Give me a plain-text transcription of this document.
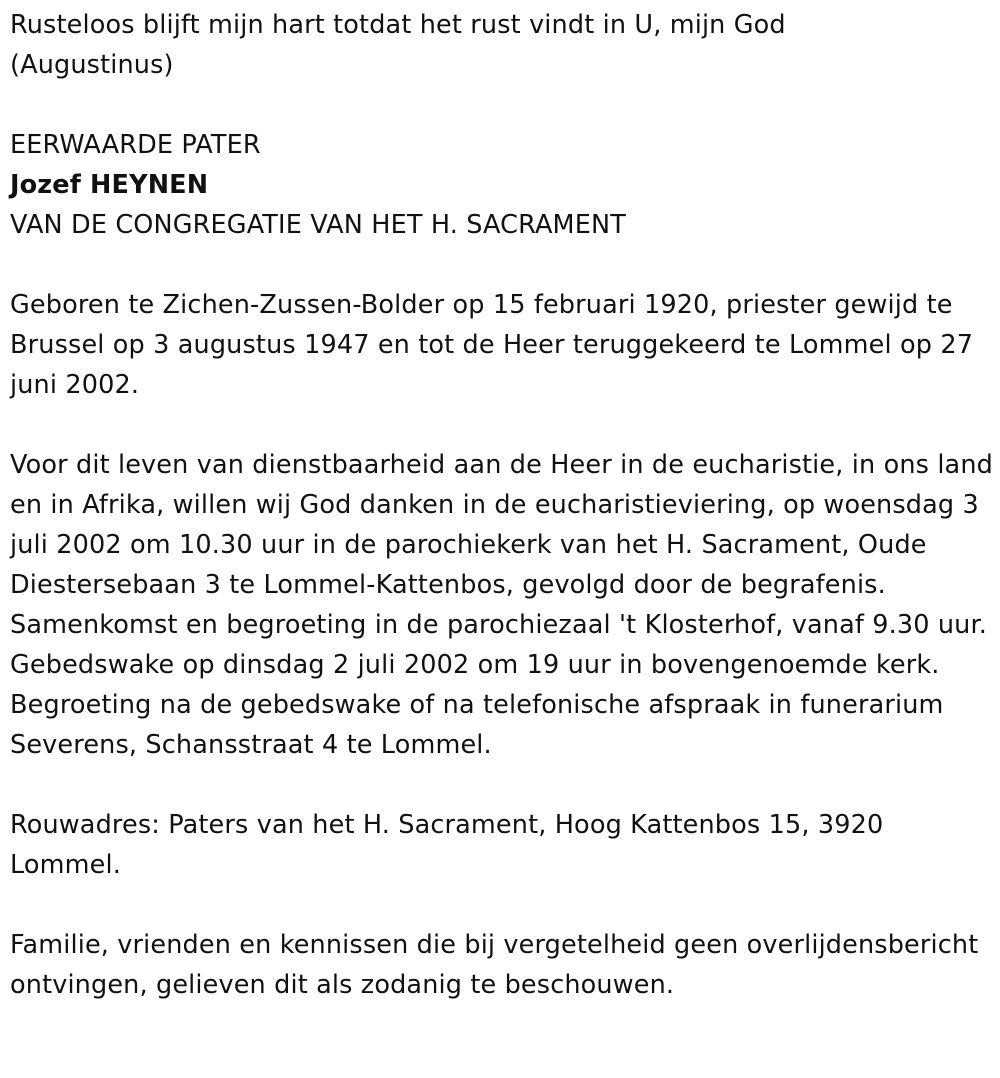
Rusteloos blijft mijn hart totdat het rust vindt in U, mijn God
(Augustinus)

EERWAARDE PATER

Jozef HEYNEN

VAN DE CONGREGATIE VAN HET H. SACRAMENT

Geboren te Zichen-Zussen-Bolder op 15 februari 1920, priester gewijd te Brussel op 3 augustus 1947 en tot de Heer teruggekeerd te Lommel op 27 juni 2002.

Voor dit leven van dienstbaarheid aan de Heer in de eucharistie, in ons land en in Afrika, willen wij God danken in de eucharistieviering, op woensdag 3 juli 2002 om 10.30 uur in de parochiekerk van het H. Sacrament, Oude Diestersebaan 3 te Lommel-Kattenbos, gevolgd door de begrafenis. Samenkomst en begroeting in de parochiezaal 't Klosterhof, vanaf 9.30 uur. Gebedswake op dinsdag 2 juli 2002 om 19 uur in bovengenoemde kerk. Begroeting na de gebedswake of na telefonische afspraak in funerarium Severens, Schansstraat 4 te Lommel.

Rouwadres: Paters van het H. Sacrament, Hoog Kattenbos 15, 3920 Lommel.

Familie, vrienden en kennissen die bij vergetelheid geen overlijdensbericht ontvingen, gelieven dit als zodanig te beschouwen.
